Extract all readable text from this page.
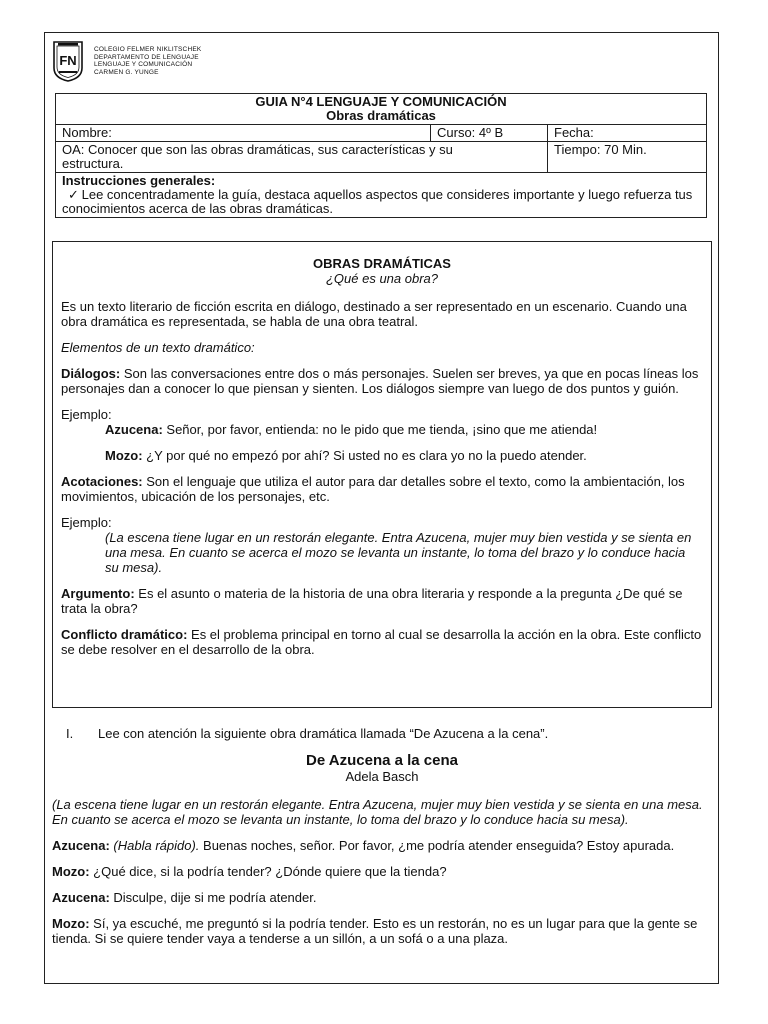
FN
COLEGIO FELMER NIKLITSCHEK
DEPARTAMENTO DE LENGUAJE
LENGUAJE Y COMUNICACIÓN
CARMEN G. YUNGE
GUIA N°4 LENGUAJE Y COMUNICACIÓN
Obras dramáticas		

Nombre:	Curso: 4º B	Fecha:
OA: Conocer que son las obras dramáticas, sus características y su estructura.		Tiempo: 70 Min.

Instrucciones generales:
✓ Lee concentradamente la guía, destaca aquellos aspectos que consideres importante y luego refuerza tus conocimientos acerca de las obras dramáticas.		

OBRAS DRAMÁTICAS

¿Qué es una obra?

Es un texto literario de ficción escrita en diálogo, destinado a ser representado en un escenario. Cuando una obra dramática es representada, se habla de una obra teatral.

Elementos de un texto dramático:

Diálogos: Son las conversaciones entre dos o más personajes. Suelen ser breves, ya que en pocas líneas los personajes dan a conocer lo que piensan y sienten. Los diálogos siempre van luego de dos puntos y guión.

Ejemplo:

Azucena: Señor, por favor, entienda: no le pido que me tienda, ¡sino que me atienda!

Mozo: ¿Y por qué no empezó por ahí? Si usted no es clara yo no la puedo atender.

Acotaciones: Son el lenguaje que utiliza el autor para dar detalles sobre el texto, como la ambientación, los movimientos, ubicación de los personajes, etc.

Ejemplo:

(La escena tiene lugar en un restorán elegante. Entra Azucena, mujer muy bien vestida y se sienta en una mesa. En cuanto se acerca el mozo se levanta un instante, lo toma del brazo y lo conduce hacia su mesa).

Argumento: Es el asunto o materia de la historia de una obra literaria y responde a la pregunta ¿De qué se trata la obra?

Conflicto dramático: Es el problema principal en torno al cual se desarrolla la acción en la obra. Este conflicto se debe resolver en el desarrollo de la obra.

I. Lee con atención la siguiente obra dramática llamada “De Azucena a la cena”.

De Azucena a la cena

Adela Basch

(La escena tiene lugar en un restorán elegante. Entra Azucena, mujer muy bien vestida y se sienta en una mesa. En cuanto se acerca el mozo se levanta un instante, lo toma del brazo y lo conduce hacia su mesa).

Azucena: (Habla rápido). Buenas noches, señor. Por favor, ¿me podría atender enseguida? Estoy apurada.

Mozo: ¿Qué dice, si la podría tender? ¿Dónde quiere que la tienda?

Azucena: Disculpe, dije si me podría atender.

Mozo: Sí, ya escuché, me preguntó si la podría tender. Esto es un restorán, no es un lugar para que la gente se tienda. Si se quiere tender vaya a tenderse a un sillón, a un sofá o a una plaza.
